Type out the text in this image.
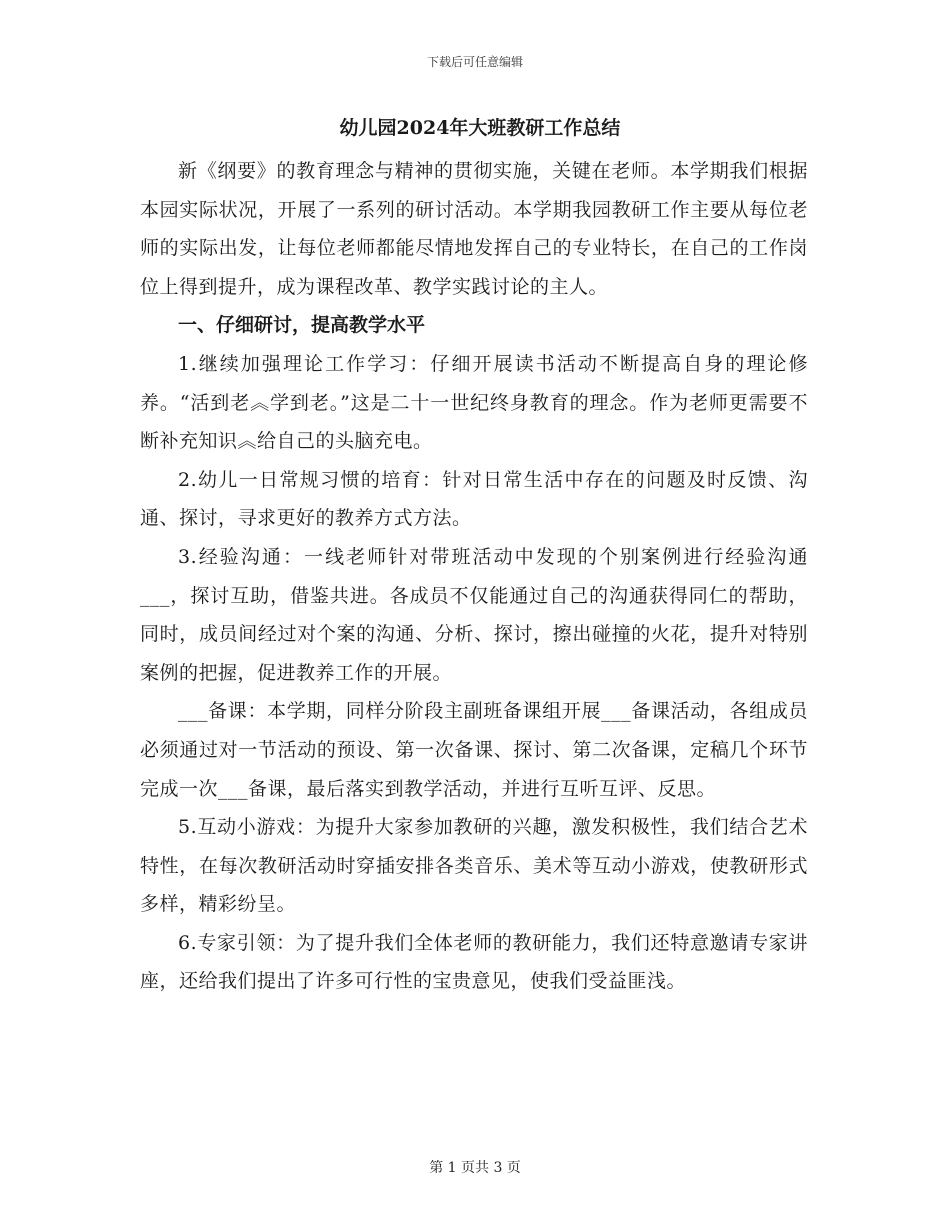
下载后可任意编辑
幼儿园2024年大班教研工作总结

新《纲要》的教育理念与精神的贯彻实施，关键在老师。本学期我们根据本园实际状况，开展了一系列的研讨活动。本学期我园教研工作主要从每位老师的实际出发，让每位老师都能尽情地发挥自己的专业特长，在自己的工作岗位上得到提升，成为课程改革、教学实践讨论的主人。

一、仔细研讨，提高教学水平

1.继续加强理论工作学习：仔细开展读书活动不断提高自身的理论修养。“活到老︽学到老。”这是二十一世纪终身教育的理念。作为老师更需要不断补充知识︽给自己的头脑充电。

2.幼儿一日常规习惯的培育：针对日常生活中存在的问题及时反馈、沟通、探讨，寻求更好的教养方式方法。

3.经验沟通：一线老师针对带班活动中发现的个别案例进行经验沟通___，探讨互助，借鉴共进。各成员不仅能通过自己的沟通获得同仁的帮助，同时，成员间经过对个案的沟通、分析、探讨，擦出碰撞的火花，提升对特别案例的把握，促进教养工作的开展。

___备课：本学期，同样分阶段主副班备课组开展___备课活动，各组成员必须通过对一节活动的预设、第一次备课、探讨、第二次备课，定稿几个环节完成一次___备课，最后落实到教学活动，并进行互听互评、反思。

5.互动小游戏：为提升大家参加教研的兴趣，激发积极性，我们结合艺术特性，在每次教研活动时穿插安排各类音乐、美术等互动小游戏，使教研形式多样，精彩纷呈。

6.专家引领：为了提升我们全体老师的教研能力，我们还特意邀请专家讲座，还给我们提出了许多可行性的宝贵意见，使我们受益匪浅。

第 1 页共 3 页
